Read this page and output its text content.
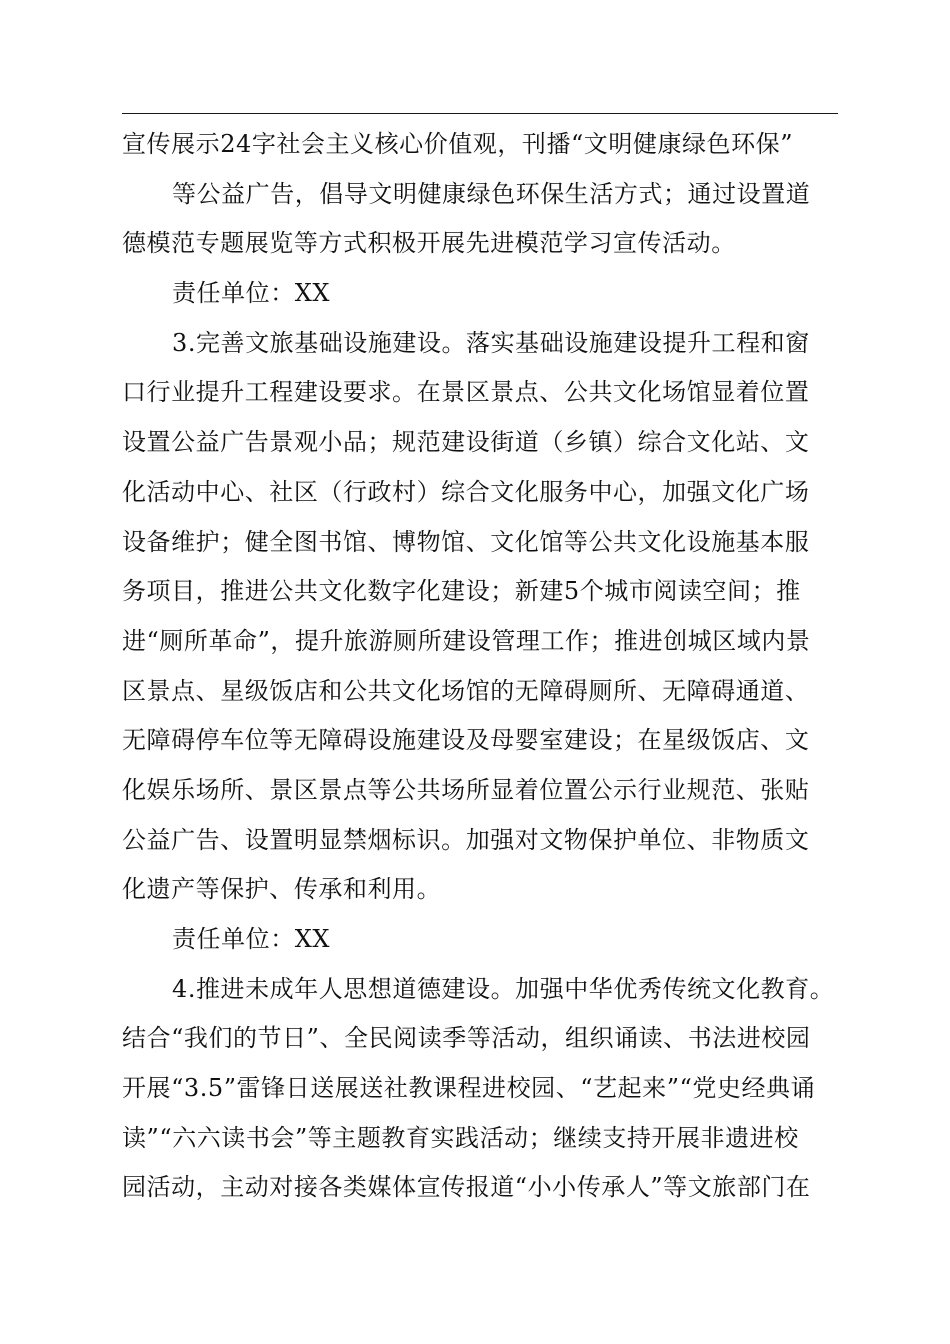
宣传展示24字社会主义核心价值观，刊播“文明健康绿色环保”
等公益广告，倡导文明健康绿色环保生活方式；通过设置道
德模范专题展览等方式积极开展先进模范学习宣传活动。
责任单位：XX
3.完善文旅基础设施建设。落实基础设施建设提升工程和窗
口行业提升工程建设要求。在景区景点、公共文化场馆显着位置
设置公益广告景观小品；规范建设街道（乡镇）综合文化站、文
化活动中心、社区（行政村）综合文化服务中心，加强文化广场
设备维护；健全图书馆、博物馆、文化馆等公共文化设施基本服
务项目，推进公共文化数字化建设；新建5个城市阅读空间；推
进“厕所革命”，提升旅游厕所建设管理工作；推进创城区域内景
区景点、星级饭店和公共文化场馆的无障碍厕所、无障碍通道、
无障碍停车位等无障碍设施建设及母婴室建设；在星级饭店、文
化娱乐场所、景区景点等公共场所显着位置公示行业规范、张贴
公益广告、设置明显禁烟标识。加强对文物保护单位、非物质文
化遗产等保护、传承和利用。
责任单位：XX
4.推进未成年人思想道德建设。加强中华优秀传统文化教育。
结合“我们的节日”、全民阅读季等活动，组织诵读、书法进校园
开展“3.5”雷锋日送展送社教课程进校园、“艺起来”“党史经典诵
读”“六六读书会”等主题教育实践活动；继续支持开展非遗进校
园活动，主动对接各类媒体宣传报道“小小传承人”等文旅部门在
